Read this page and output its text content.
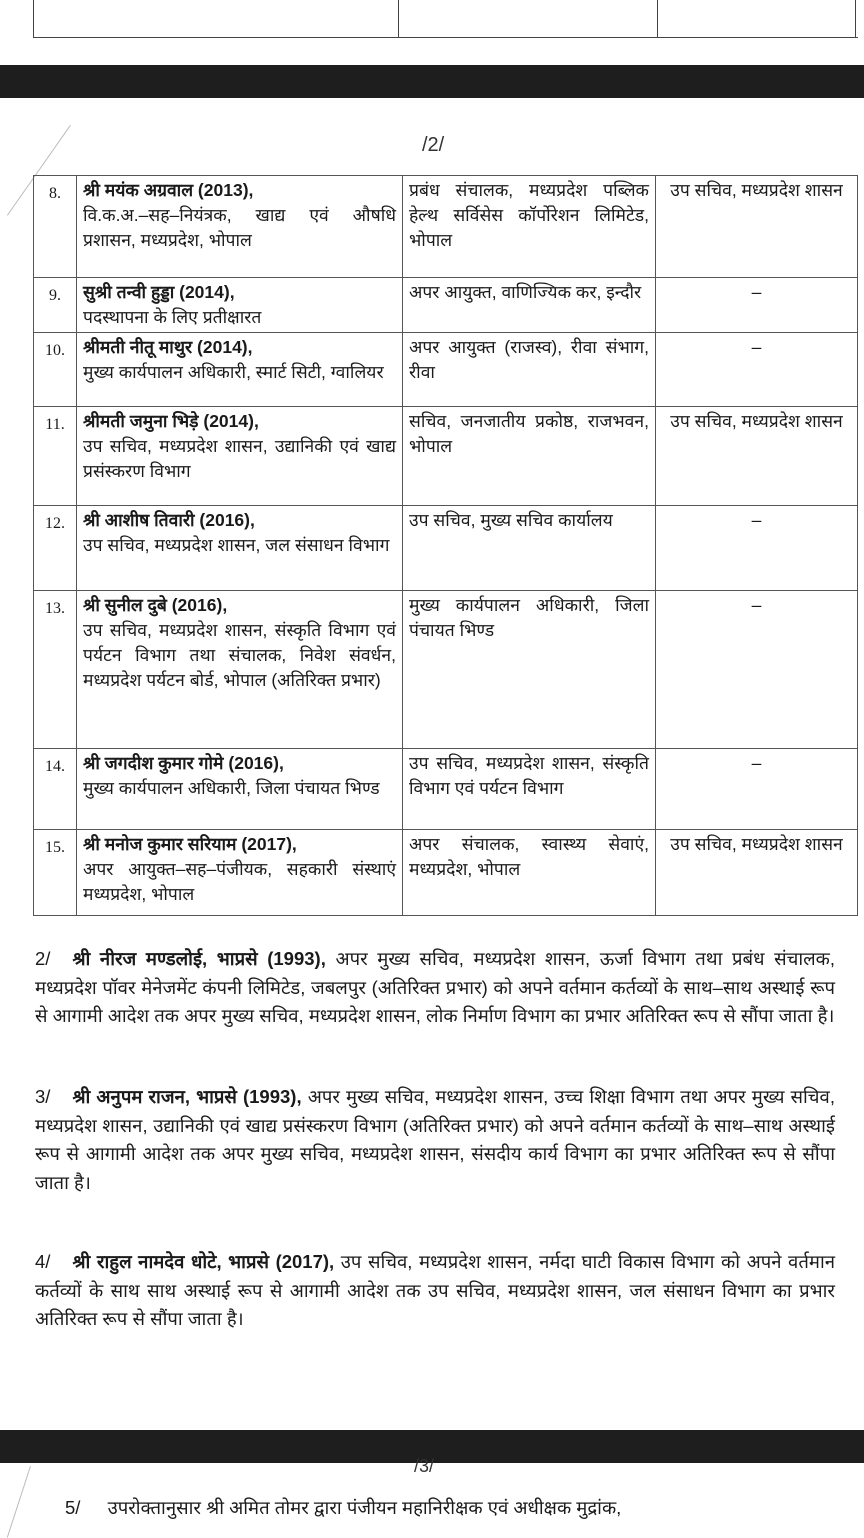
/2/
8.	श्री मयंक अग्रवाल (2013),
वि.क.अ.–सह–नियंत्रक, खाद्य एवं औषधि प्रशासन, मध्यप्रदेश, भोपाल	प्रबंध संचालक, मध्यप्रदेश पब्लिक हेल्थ सर्विसेस कॉर्पोरेशन लिमिटेड, भोपाल	उप सचिव, मध्यप्रदेश शासन
9.	सुश्री तन्वी हुड्डा (2014),
पदस्थापना के लिए प्रतीक्षारत	अपर आयुक्त, वाणिज्यिक कर, इन्दौर	–
10.	श्रीमती नीतू माथुर (2014),
मुख्य कार्यपालन अधिकारी, स्मार्ट सिटी, ग्वालियर	अपर आयुक्त (राजस्व), रीवा संभाग, रीवा	–
11.	श्रीमती जमुना भिड़े (2014),
उप सचिव, मध्यप्रदेश शासन, उद्यानिकी एवं खाद्य प्रसंस्करण विभाग	सचिव, जनजातीय प्रकोष्ठ, राजभवन, भोपाल	उप सचिव, मध्यप्रदेश शासन
12.	श्री आशीष तिवारी (2016),
उप सचिव, मध्यप्रदेश शासन, जल संसाधन विभाग	उप सचिव, मुख्य सचिव कार्यालय	–
13.	श्री सुनील दुबे (2016),
उप सचिव, मध्यप्रदेश शासन, संस्कृति विभाग एवं पर्यटन विभाग तथा संचालक, निवेश संवर्धन, मध्यप्रदेश पर्यटन बोर्ड, भोपाल (अतिरिक्त प्रभार)	मुख्य कार्यपालन अधिकारी, जिला पंचायत भिण्ड	–
14.	श्री जगदीश कुमार गोमे (2016),
मुख्य कार्यपालन अधिकारी, जिला पंचायत भिण्ड	उप सचिव, मध्यप्रदेश शासन, संस्कृति विभाग एवं पर्यटन विभाग	–
15.	श्री मनोज कुमार सरियाम (2017),
अपर आयुक्त–सह–पंजीयक, सहकारी संस्थाएं मध्यप्रदेश, भोपाल	अपर संचालक, स्वास्थ्य सेवाएं, मध्यप्रदेश, भोपाल	उप सचिव, मध्यप्रदेश शासन
2/ श्री नीरज मण्डलोई, भाप्रसे (1993), अपर मुख्य सचिव, मध्यप्रदेश शासन, ऊर्जा विभाग तथा प्रबंध संचालक, मध्यप्रदेश पॉवर मेनेजमेंट कंपनी लिमिटेड, जबलपुर (अतिरिक्त प्रभार) को अपने वर्तमान कर्तव्यों के साथ–साथ अस्थाई रूप से आगामी आदेश तक अपर मुख्य सचिव, मध्यप्रदेश शासन, लोक निर्माण विभाग का प्रभार अतिरिक्त रूप से सौंपा जाता है।
3/ श्री अनुपम राजन, भाप्रसे (1993), अपर मुख्य सचिव, मध्यप्रदेश शासन, उच्च शिक्षा विभाग तथा अपर मुख्य सचिव, मध्यप्रदेश शासन, उद्यानिकी एवं खाद्य प्रसंस्करण विभाग (अतिरिक्त प्रभार) को अपने वर्तमान कर्तव्यों के साथ–साथ अस्थाई रूप से आगामी आदेश तक अपर मुख्य सचिव, मध्यप्रदेश शासन, संसदीय कार्य विभाग का प्रभार अतिरिक्त रूप से सौंपा जाता है।
4/ श्री राहुल नामदेव धोटे, भाप्रसे (2017), उप सचिव, मध्यप्रदेश शासन, नर्मदा घाटी विकास विभाग को अपने वर्तमान कर्तव्यों के साथ साथ अस्थाई रूप से आगामी आदेश तक उप सचिव, मध्यप्रदेश शासन, जल संसाधन विभाग का प्रभार अतिरिक्त रूप से सौंपा जाता है।
5/ उपरोक्तानुसार श्री अमित तोमर द्वारा पंजीयन महानिरीक्षक एवं अधीक्षक मुद्रांक,
/3/
